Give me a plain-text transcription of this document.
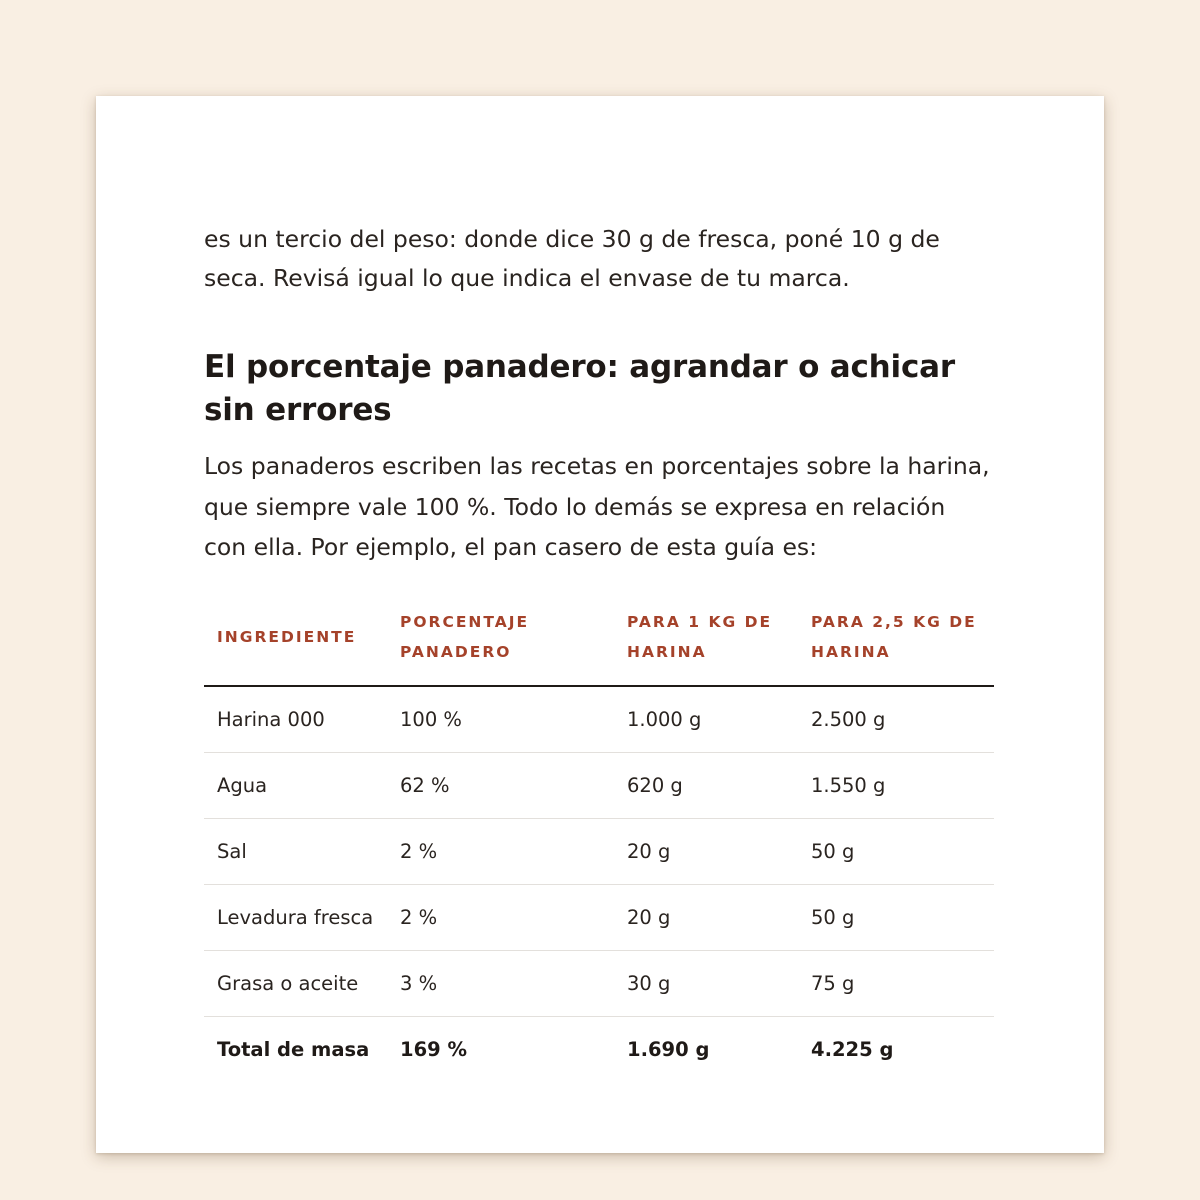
es un tercio del peso: donde dice 30 g de fresca, poné 10 g de seca. Revisá igual lo que indica el envase de tu marca.

El porcentaje panadero: agrandar o achicar sin errores

Los panaderos escriben las recetas en porcentajes sobre la harina, que siempre vale 100 %. Todo lo demás se expresa en relación con ella. Por ejemplo, el pan casero de esta guía es:

INGREDIENTE	PORCENTAJE PANADERO	PARA 1 KG DE HARINA	PARA 2,5 KG DE HARINA
Harina 000	100 %	1.000 g	2.500 g
Agua	62 %	620 g	1.550 g
Sal	2 %	20 g	50 g
Levadura fresca	2 %	20 g	50 g
Grasa o aceite	3 %	30 g	75 g
Total de masa	169 %	1.690 g	4.225 g
